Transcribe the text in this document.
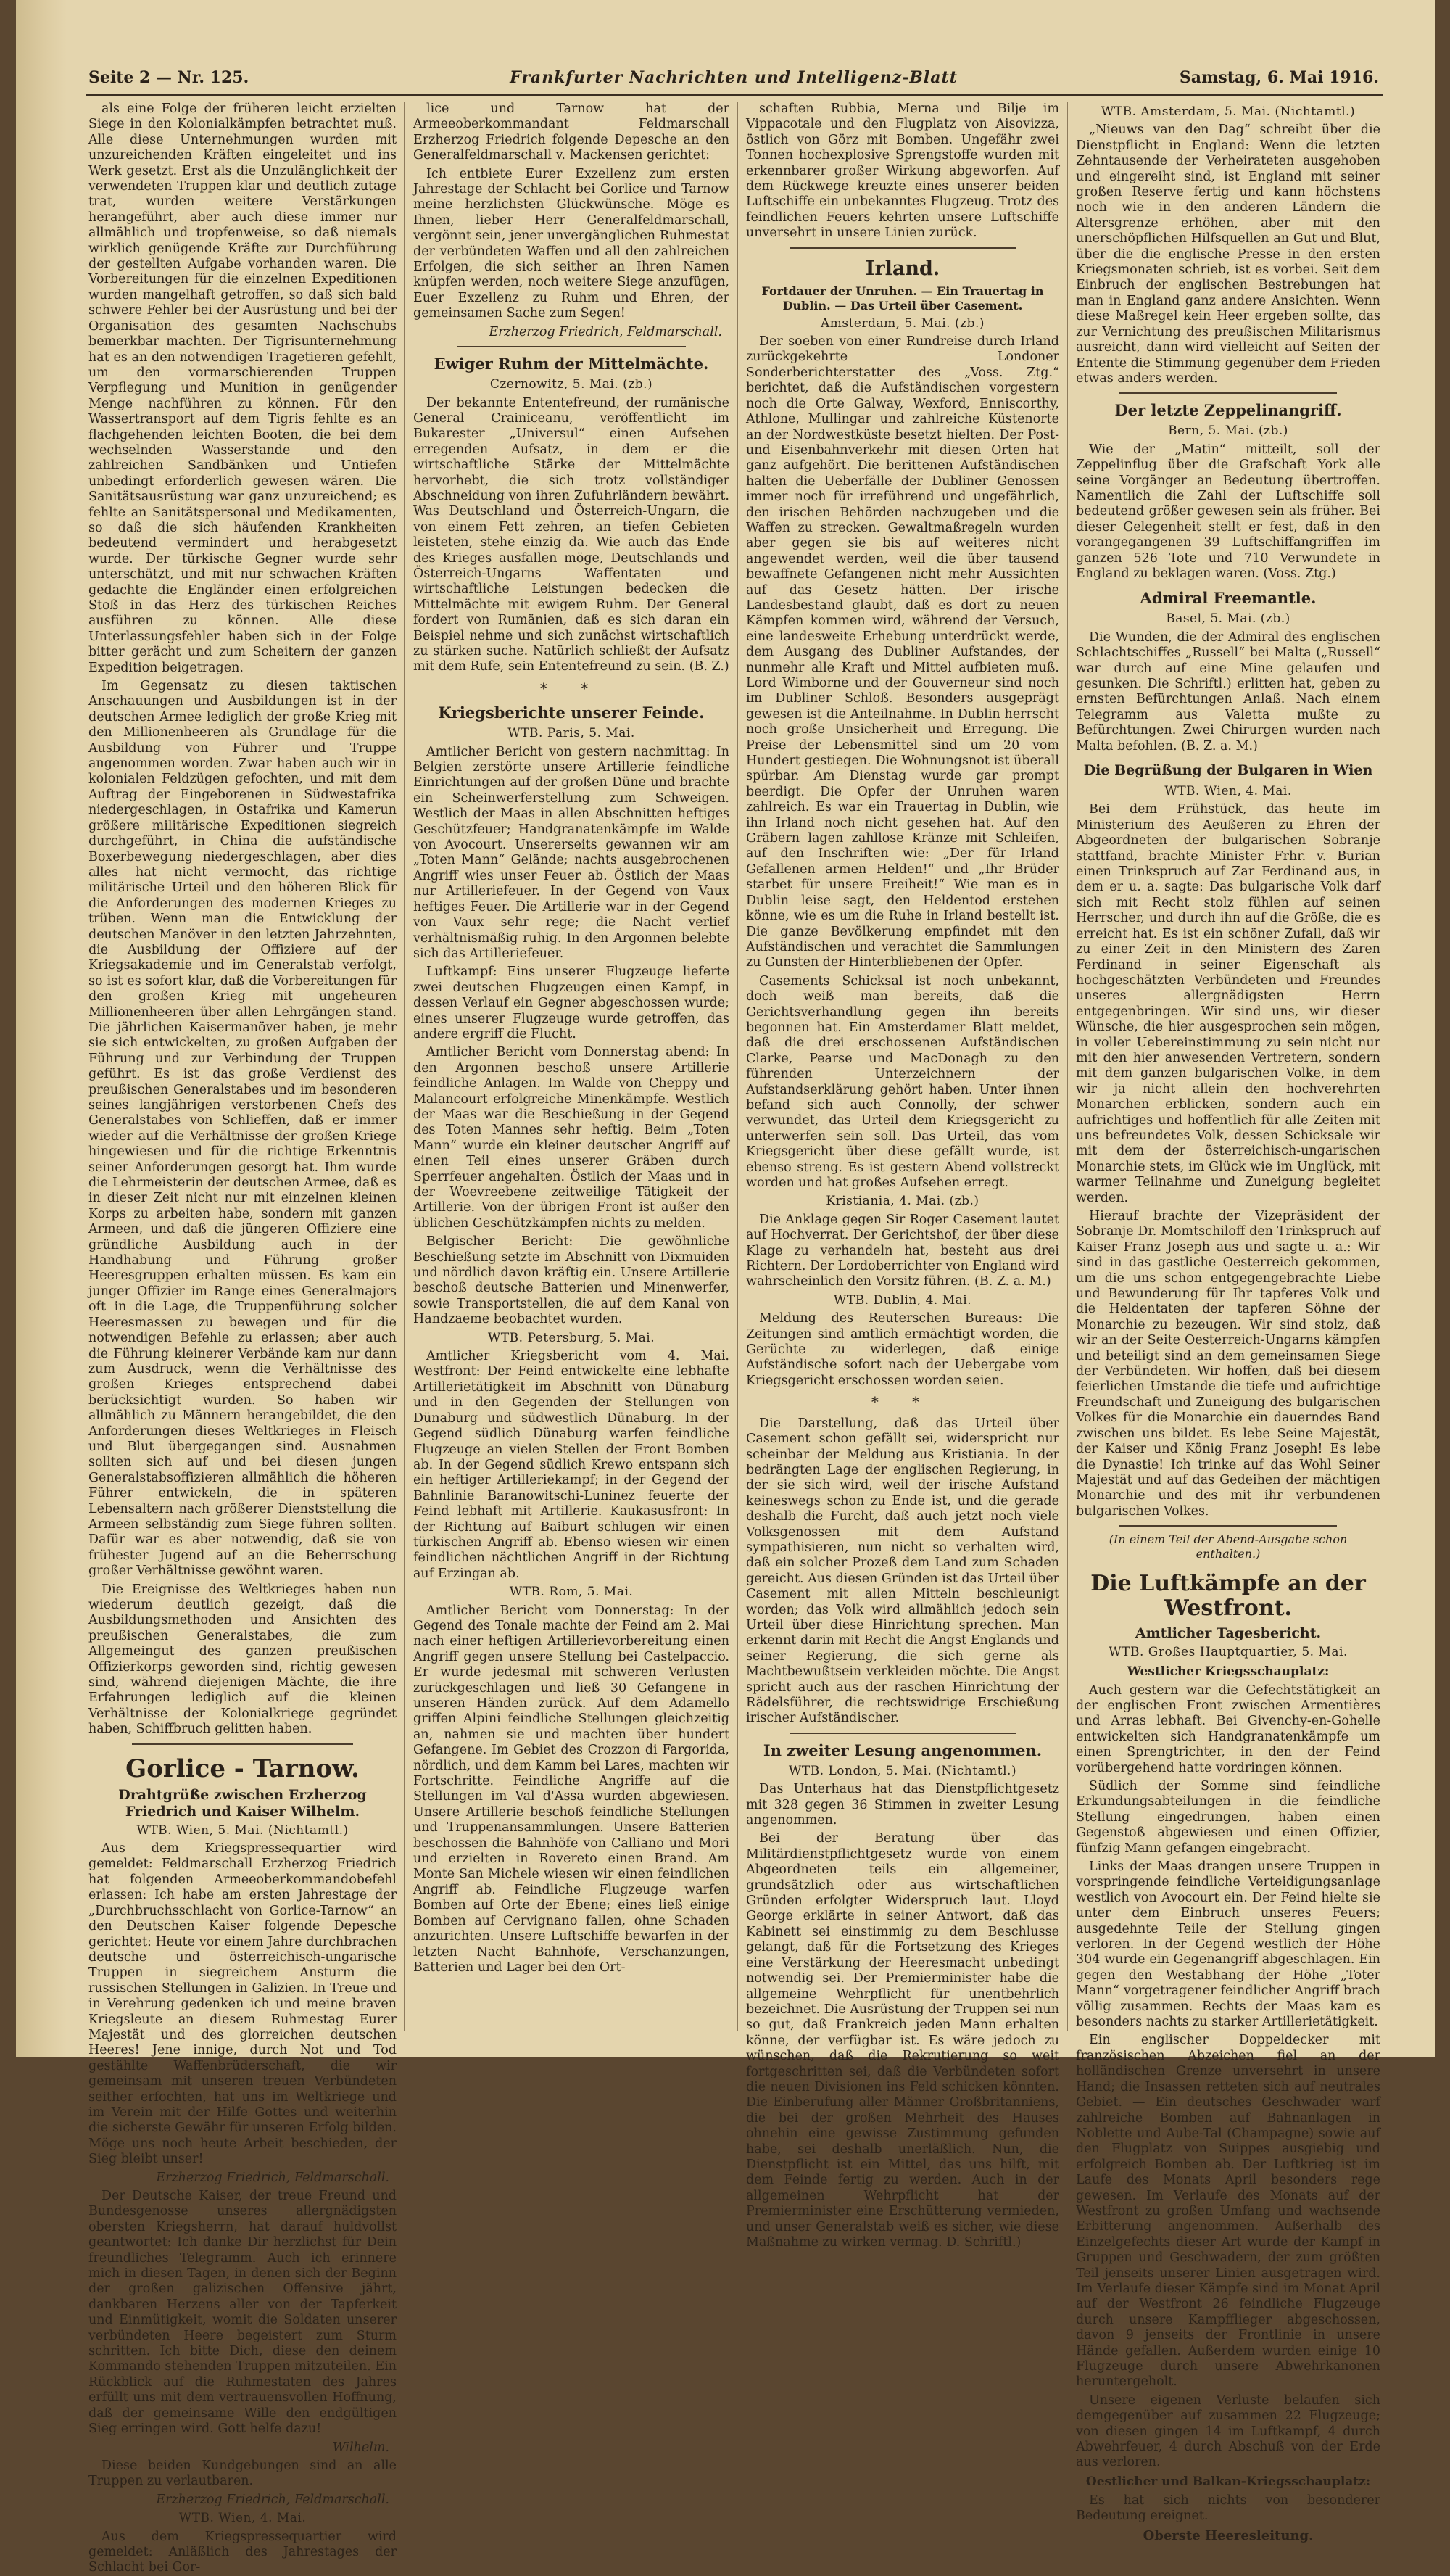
Seite 2 — Nr. 125.	Frankfurter Nachrichten und Intelligenz-Blatt	Samstag, 6. Mai 1916.

als eine Folge der früheren leicht erzielten Siege in den Kolonialkämpfen betrachtet muß. Alle diese Unternehmungen wurden mit unzureichenden Kräften eingeleitet und ins Werk gesetzt. Erst als die Unzulänglichkeit der verwendeten Truppen klar und deutlich zutage trat, wurden weitere Verstärkungen herangeführt, aber auch diese immer nur allmählich und tropfenweise, so daß niemals wirklich genügende Kräfte zur Durchführung der gestellten Aufgabe vorhanden waren. Die Vorbereitungen für die einzelnen Expeditionen wurden mangelhaft getroffen, so daß sich bald schwere Fehler bei der Ausrüstung und bei der Organisation des gesamten Nachschubs bemerkbar machten. Der Tigrisunternehmung hat es an den notwendigen Tragetieren gefehlt, um den vormarschierenden Truppen Verpflegung und Munition in genügender Menge nachführen zu können. Für den Wassertransport auf dem Tigris fehlte es an flachgehenden leichten Booten, die bei dem wechselnden Wasserstande und den zahlreichen Sandbänken und Untiefen unbedingt erforderlich gewesen wären. Die Sanitätsausrüstung war ganz unzureichend; es fehlte an Sanitätspersonal und Medikamenten, so daß die sich häufenden Krankheiten bedeutend vermindert und herabgesetzt wurde. Der türkische Gegner wurde sehr unterschätzt, und mit nur schwachen Kräften gedachte die Engländer einen erfolgreichen Stoß in das Herz des türkischen Reiches ausführen zu können. Alle diese Unterlassungsfehler haben sich in der Folge bitter gerächt und zum Scheitern der ganzen Expedition beigetragen.

Im Gegensatz zu diesen taktischen Anschauungen und Ausbildungen ist in der deutschen Armee lediglich der große Krieg mit den Millionenheeren als Grundlage für die Ausbildung von Führer und Truppe angenommen worden. Zwar haben auch wir in kolonialen Feldzügen gefochten, und mit dem Auftrag der Eingeborenen in Südwestafrika niedergeschlagen, in Ostafrika und Kamerun größere militärische Expeditionen siegreich durchgeführt, in China die aufständische Boxerbewegung niedergeschlagen, aber dies alles hat nicht vermocht, das richtige militärische Urteil und den höheren Blick für die Anforderungen des modernen Krieges zu trüben. Wenn man die Entwicklung der deutschen Manöver in den letzten Jahrzehnten, die Ausbildung der Offiziere auf der Kriegsakademie und im Generalstab verfolgt, so ist es sofort klar, daß die Vorbereitungen für den großen Krieg mit ungeheuren Millionenheeren über allen Lehrgängen stand. Die jährlichen Kaisermanöver haben, je mehr sie sich entwickelten, zu großen Aufgaben der Führung und zur Verbindung der Truppen geführt. Es ist das große Verdienst des preußischen Generalstabes und im besonderen seines langjährigen verstorbenen Chefs des Generalstabes von Schlieffen, daß er immer wieder auf die Verhältnisse der großen Kriege hingewiesen und für die richtige Erkenntnis seiner Anforderungen gesorgt hat. Ihm wurde die Lehrmeisterin der deutschen Armee, daß es in dieser Zeit nicht nur mit einzelnen kleinen Korps zu arbeiten habe, sondern mit ganzen Armeen, und daß die jüngeren Offiziere eine gründliche Ausbildung auch in der Handhabung und Führung großer Heeresgruppen erhalten müssen. Es kam ein junger Offizier im Range eines Generalmajors oft in die Lage, die Truppenführung solcher Heeresmassen zu bewegen und für die notwendigen Befehle zu erlassen; aber auch die Führung kleinerer Verbände kam nur dann zum Ausdruck, wenn die Verhältnisse des großen Krieges entsprechend dabei berücksichtigt wurden. So haben wir allmählich zu Männern herangebildet, die den Anforderungen dieses Weltkrieges in Fleisch und Blut übergegangen sind. Ausnahmen sollten sich auf und bei diesen jungen Generalstabsoffizieren allmählich die höheren Führer entwickeln, die in späteren Lebensaltern nach größerer Dienststellung die Armeen selbständig zum Siege führen sollten. Dafür war es aber notwendig, daß sie von frühester Jugend auf an die Beherrschung großer Verhältnisse gewöhnt waren.

Die Ereignisse des Weltkrieges haben nun wiederum deutlich gezeigt, daß die Ausbildungsmethoden und Ansichten des preußischen Generalstabes, die zum Allgemeingut des ganzen preußischen Offizierkorps geworden sind, richtig gewesen sind, während diejenigen Mächte, die ihre Erfahrungen lediglich auf die kleinen Verhältnisse der Kolonialkriege gegründet haben, Schiffbruch gelitten haben.

Gorlice - Tarnow.
Drahtgrüße zwischen Erzherzog Friedrich und Kaiser Wilhelm.
WTB. Wien, 5. Mai. (Nichtamtl.)

Aus dem Kriegspressequartier wird gemeldet: Feldmarschall Erzherzog Friedrich hat folgenden Armeeoberkommandobefehl erlassen: Ich habe am ersten Jahrestage der „Durchbruchsschlacht von Gorlice-Tarnow“ an den Deutschen Kaiser folgende Depesche gerichtet: Heute vor einem Jahre durchbrachen deutsche und österreichisch-ungarische Truppen in siegreichem Ansturm die russischen Stellungen in Galizien. In Treue und in Verehrung gedenken ich und meine braven Kriegsleute an diesem Ruhmestag Eurer Majestät und des glorreichen deutschen Heeres! Jene innige, durch Not und Tod gestählte Waffenbrüderschaft, die wir gemeinsam mit unseren treuen Verbündeten seither erfochten, hat uns im Weltkriege und im Verein mit der Hilfe Gottes und weiterhin die sicherste Gewähr für unseren Erfolg bilden. Möge uns noch heute Arbeit beschieden, der Sieg bleibt unser!

Erzherzog Friedrich, Feldmarschall.

Der Deutsche Kaiser, der treue Freund und Bundesgenosse unseres allergnädigsten obersten Kriegsherrn, hat darauf huldvollst geantwortet: Ich danke Dir herzlichst für Dein freundliches Telegramm. Auch ich erinnere mich in diesen Tagen, in denen sich der Beginn der großen galizischen Offensive jährt, dankbaren Herzens aller von der Tapferkeit und Einmütigkeit, womit die Soldaten unserer verbündeten Heere begeistert zum Sturm schritten. Ich bitte Dich, diese den deinem Kommando stehenden Truppen mitzuteilen. Ein Rückblick auf die Ruhmestaten des Jahres erfüllt uns mit dem vertrauensvollen Hoffnung, daß der gemeinsame Wille den endgültigen Sieg erringen wird. Gott helfe dazu!

Wilhelm.

Diese beiden Kundgebungen sind an alle Truppen zu verlautbaren.

Erzherzog Friedrich, Feldmarschall.
WTB. Wien, 4. Mai.

Aus dem Kriegspressequartier wird gemeldet: Anläßlich des Jahrestages der Schlacht bei Gor-

lice und Tarnow hat der Armeeoberkommandant Feldmarschall Erzherzog Friedrich folgende Depesche an den Generalfeldmarschall v. Mackensen gerichtet:

Ich entbiete Eurer Exzellenz zum ersten Jahrestage der Schlacht bei Gorlice und Tarnow meine herzlichsten Glückwünsche. Möge es Ihnen, lieber Herr Generalfeldmarschall, vergönnt sein, jener unvergänglichen Ruhmestat der verbündeten Waffen und all den zahlreichen Erfolgen, die sich seither an Ihren Namen knüpfen werden, noch weitere Siege anzufügen, Euer Exzellenz zu Ruhm und Ehren, der gemeinsamen Sache zum Segen!

Erzherzog Friedrich, Feldmarschall.
Ewiger Ruhm der Mittelmächte.
Czernowitz, 5. Mai. (zb.)

Der bekannte Ententefreund, der rumänische General Crainiceanu, veröffentlicht im Bukarester „Universul“ einen Aufsehen erregenden Aufsatz, in dem er die wirtschaftliche Stärke der Mittelmächte hervorhebt, die sich trotz vollständiger Abschneidung von ihren Zufuhrländern bewährt. Was Deutschland und Österreich-Ungarn, die von einem Fett zehren, an tiefen Gebieten leisteten, stehe einzig da. Wie auch das Ende des Krieges ausfallen möge, Deutschlands und Österreich-Ungarns Waffentaten und wirtschaftliche Leistungen bedecken die Mittelmächte mit ewigem Ruhm. Der General fordert von Rumänien, daß es sich daran ein Beispiel nehme und sich zunächst wirtschaftlich zu stärken suche. Natürlich schließt der Aufsatz mit dem Rufe, sein Ententefreund zu sein. (B. Z.)

* *
Kriegsberichte unserer Feinde.
WTB. Paris, 5. Mai.

Amtlicher Bericht von gestern nachmittag: In Belgien zerstörte unsere Artillerie feindliche Einrichtungen auf der großen Düne und brachte ein Scheinwerferstellung zum Schweigen. Westlich der Maas in allen Abschnitten heftiges Geschützfeuer; Handgranatenkämpfe im Walde von Avocourt. Unsererseits gewannen wir am „Toten Mann“ Gelände; nachts ausgebrochenen Angriff wies unser Feuer ab. Östlich der Maas nur Artilleriefeuer. In der Gegend von Vaux heftiges Feuer. Die Artillerie war in der Gegend von Vaux sehr rege; die Nacht verlief verhältnismäßig ruhig. In den Argonnen belebte sich das Artilleriefeuer.

Luftkampf: Eins unserer Flugzeuge lieferte zwei deutschen Flugzeugen einen Kampf, in dessen Verlauf ein Gegner abgeschossen wurde; eines unserer Flugzeuge wurde getroffen, das andere ergriff die Flucht.

Amtlicher Bericht vom Donnerstag abend: In den Argonnen beschoß unsere Artillerie feindliche Anlagen. Im Walde von Cheppy und Malancourt erfolgreiche Minenkämpfe. Westlich der Maas war die Beschießung in der Gegend des Toten Mannes sehr heftig. Beim „Toten Mann“ wurde ein kleiner deutscher Angriff auf einen Teil eines unserer Gräben durch Sperrfeuer angehalten. Östlich der Maas und in der Woevreebene zeitweilige Tätigkeit der Artillerie. Von der übrigen Front ist außer den üblichen Geschützkämpfen nichts zu melden.

Belgischer Bericht: Die gewöhnliche Beschießung setzte im Abschnitt von Dixmuiden und nördlich davon kräftig ein. Unsere Artillerie beschoß deutsche Batterien und Minenwerfer, sowie Transportstellen, die auf dem Kanal von Handzaeme beobachtet wurden.

WTB. Petersburg, 5. Mai.

Amtlicher Kriegsbericht vom 4. Mai. Westfront: Der Feind entwickelte eine lebhafte Artillerietätigkeit im Abschnitt von Dünaburg und in den Gegenden der Stellungen von Dünaburg und südwestlich Dünaburg. In der Gegend südlich Dünaburg warfen feindliche Flugzeuge an vielen Stellen der Front Bomben ab. In der Gegend südlich Krewo entspann sich ein heftiger Artilleriekampf; in der Gegend der Bahnlinie Baranowitschi-Luninez feuerte der Feind lebhaft mit Artillerie. Kaukasusfront: In der Richtung auf Baiburt schlugen wir einen türkischen Angriff ab. Ebenso wiesen wir einen feindlichen nächtlichen Angriff in der Richtung auf Erzingan ab.

WTB. Rom, 5. Mai.

Amtlicher Bericht vom Donnerstag: In der Gegend des Tonale machte der Feind am 2. Mai nach einer heftigen Artillerievorbereitung einen Angriff gegen unsere Stellung bei Castelpaccio. Er wurde jedesmal mit schweren Verlusten zurückgeschlagen und ließ 30 Gefangene in unseren Händen zurück. Auf dem Adamello griffen Alpini feindliche Stellungen gleichzeitig an, nahmen sie und machten über hundert Gefangene. Im Gebiet des Crozzon di Fargorida, nördlich, und dem Kamm bei Lares, machten wir Fortschritte. Feindliche Angriffe auf die Stellungen im Val d'Assa wurden abgewiesen. Unsere Artillerie beschoß feindliche Stellungen und Truppenansammlungen. Unsere Batterien beschossen die Bahnhöfe von Calliano und Mori und erzielten in Rovereto einen Brand. Am Monte San Michele wiesen wir einen feindlichen Angriff ab. Feindliche Flugzeuge warfen Bomben auf Orte der Ebene; eines ließ einige Bomben auf Cervignano fallen, ohne Schaden anzurichten. Unsere Luftschiffe bewarfen in der letzten Nacht Bahnhöfe, Verschanzungen, Batterien und Lager bei den Ort-

schaften Rubbia, Merna und Bilje im Vippacotale und den Flugplatz von Aisovizza, östlich von Görz mit Bomben. Ungefähr zwei Tonnen hochexplosive Sprengstoffe wurden mit erkennbarer großer Wirkung abgeworfen. Auf dem Rückwege kreuzte eines unserer beiden Luftschiffe ein unbekanntes Flugzeug. Trotz des feindlichen Feuers kehrten unsere Luftschiffe unversehrt in unsere Linien zurück.

Irland.
Fortdauer der Unruhen. — Ein Trauertag in Dublin. — Das Urteil über Casement.
Amsterdam, 5. Mai. (zb.)

Der soeben von einer Rundreise durch Irland zurückgekehrte Londoner Sonderberichterstatter des „Voss. Ztg.“ berichtet, daß die Aufständischen vorgestern noch die Orte Galway, Wexford, Enniscorthy, Athlone, Mullingar und zahlreiche Küstenorte an der Nordwestküste besetzt hielten. Der Post- und Eisenbahnverkehr mit diesen Orten hat ganz aufgehört. Die berittenen Aufständischen halten die Ueberfälle der Dubliner Genossen immer noch für irreführend und ungefährlich, den irischen Behörden nachzugeben und die Waffen zu strecken. Gewaltmaßregeln wurden aber gegen sie bis auf weiteres nicht angewendet werden, weil die über tausend bewaffnete Gefangenen nicht mehr Aussichten auf das Gesetz hätten. Der irische Landesbestand glaubt, daß es dort zu neuen Kämpfen kommen wird, während der Versuch, eine landesweite Erhebung unterdrückt werde, dem Ausgang des Dubliner Aufstandes, der nunmehr alle Kraft und Mittel aufbieten muß. Lord Wimborne und der Gouverneur sind noch im Dubliner Schloß. Besonders ausgeprägt gewesen ist die Anteilnahme. In Dublin herrscht noch große Unsicherheit und Erregung. Die Preise der Lebensmittel sind um 20 vom Hundert gestiegen. Die Wohnungsnot ist überall spürbar. Am Dienstag wurde gar prompt beerdigt. Die Opfer der Unruhen waren zahlreich. Es war ein Trauertag in Dublin, wie ihn Irland noch nicht gesehen hat. Auf den Gräbern lagen zahllose Kränze mit Schleifen, auf den Inschriften wie: „Der für Irland Gefallenen armen Helden!“ und „Ihr Brüder starbet für unsere Freiheit!“ Wie man es in Dublin leise sagt, den Heldentod erstehen könne, wie es um die Ruhe in Irland bestellt ist. Die ganze Bevölkerung empfindet mit den Aufständischen und verachtet die Sammlungen zu Gunsten der Hinterbliebenen der Opfer.

Casements Schicksal ist noch unbekannt, doch weiß man bereits, daß die Gerichtsverhandlung gegen ihn bereits begonnen hat. Ein Amsterdamer Blatt meldet, daß die drei erschossenen Aufständischen Clarke, Pearse und MacDonagh zu den führenden Unterzeichnern der Aufstandserklärung gehört haben. Unter ihnen befand sich auch Connolly, der schwer verwundet, das Urteil dem Kriegsgericht zu unterwerfen sein soll. Das Urteil, das vom Kriegsgericht über diese gefällt wurde, ist ebenso streng. Es ist gestern Abend vollstreckt worden und hat großes Aufsehen erregt.

Kristiania, 4. Mai. (zb.)

Die Anklage gegen Sir Roger Casement lautet auf Hochverrat. Der Gerichtshof, der über diese Klage zu verhandeln hat, besteht aus drei Richtern. Der Lordoberrichter von England wird wahrscheinlich den Vorsitz führen. (B. Z. a. M.)

WTB. Dublin, 4. Mai.

Meldung des Reuterschen Bureaus: Die Zeitungen sind amtlich ermächtigt worden, die Gerüchte zu widerlegen, daß einige Aufständische sofort nach der Uebergabe vom Kriegsgericht erschossen worden seien.

* *

Die Darstellung, daß das Urteil über Casement schon gefällt sei, widerspricht nur scheinbar der Meldung aus Kristiania. In der bedrängten Lage der englischen Regierung, in der sie sich wird, weil der irische Aufstand keineswegs schon zu Ende ist, und die gerade deshalb die Furcht, daß auch jetzt noch viele Volksgenossen mit dem Aufstand sympathisieren, nun nicht so verhalten wird, daß ein solcher Prozeß dem Land zum Schaden gereicht. Aus diesen Gründen ist das Urteil über Casement mit allen Mitteln beschleunigt worden; das Volk wird allmählich jedoch sein Urteil über diese Hinrichtung sprechen. Man erkennt darin mit Recht die Angst Englands und seiner Regierung, die sich gerne als Machtbewußtsein verkleiden möchte. Die Angst spricht auch aus der raschen Hinrichtung der Rädelsführer, die rechtswidrige Erschießung irischer Aufständischer.

In zweiter Lesung angenommen.
WTB. London, 5. Mai. (Nichtamtl.)

Das Unterhaus hat das Dienstpflichtgesetz mit 328 gegen 36 Stimmen in zweiter Lesung angenommen.

Bei der Beratung über das Militärdienstpflichtgesetz wurde von einem Abgeordneten teils ein allgemeiner, grundsätzlich oder aus wirtschaftlichen Gründen erfolgter Widerspruch laut. Lloyd George erklärte in seiner Antwort, daß das Kabinett sei einstimmig zu dem Beschlusse gelangt, daß für die Fortsetzung des Krieges eine Verstärkung der Heeresmacht unbedingt notwendig sei. Der Premierminister habe die allgemeine Wehrpflicht für unentbehrlich bezeichnet. Die Ausrüstung der Truppen sei nun so gut, daß Frankreich jeden Mann erhalten könne, der verfügbar ist. Es wäre jedoch zu wünschen, daß die Rekrutierung so weit fortgeschritten sei, daß die Verbündeten sofort die neuen Divisionen ins Feld schicken könnten. Die Einberufung aller Männer Großbritanniens, die bei der großen Mehrheit des Hauses ohnehin eine gewisse Zustimmung gefunden habe, sei deshalb unerläßlich. Nun, die Dienstpflicht ist ein Mittel, das uns hilft, mit dem Feinde fertig zu werden. Auch in der allgemeinen Wehrpflicht hat der Premierminister eine Erschütterung vermieden, und unser Generalstab weiß es sicher, wie diese Maßnahme zu wirken vermag. D. Schriftl.)

WTB. Amsterdam, 5. Mai. (Nichtamtl.)

„Nieuws van den Dag“ schreibt über die Dienstpflicht in England: Wenn die letzten Zehntausende der Verheirateten ausgehoben und eingereiht sind, ist England mit seiner großen Reserve fertig und kann höchstens noch wie in den anderen Ländern die Altersgrenze erhöhen, aber mit den unerschöpflichen Hilfsquellen an Gut und Blut, über die die englische Presse in den ersten Kriegsmonaten schrieb, ist es vorbei. Seit dem Einbruch der englischen Bestrebungen hat man in England ganz andere Ansichten. Wenn diese Maßregel kein Heer ergeben sollte, das zur Vernichtung des preußischen Militarismus ausreicht, dann wird vielleicht auf Seiten der Entente die Stimmung gegenüber dem Frieden etwas anders werden.

Der letzte Zeppelinangriff.
Bern, 5. Mai. (zb.)

Wie der „Matin“ mitteilt, soll der Zeppelinflug über die Grafschaft York alle seine Vorgänger an Bedeutung übertroffen. Namentlich die Zahl der Luftschiffe soll bedeutend größer gewesen sein als früher. Bei dieser Gelegenheit stellt er fest, daß in den vorangegangenen 39 Luftschiffangriffen im ganzen 526 Tote und 710 Verwundete in England zu beklagen waren. (Voss. Ztg.)

Admiral Freemantle.
Basel, 5. Mai. (zb.)

Die Wunden, die der Admiral des englischen Schlachtschiffes „Russell“ bei Malta („Russell“ war durch auf eine Mine gelaufen und gesunken. Die Schriftl.) erlitten hat, geben zu ernsten Befürchtungen Anlaß. Nach einem Telegramm aus Valetta mußte zu Befürchtungen. Zwei Chirurgen wurden nach Malta befohlen. (B. Z. a. M.)

Die Begrüßung der Bulgaren in Wien
WTB. Wien, 4. Mai.

Bei dem Frühstück, das heute im Ministerium des Aeußeren zu Ehren der Abgeordneten der bulgarischen Sobranje stattfand, brachte Minister Frhr. v. Burian einen Trinkspruch auf Zar Ferdinand aus, in dem er u. a. sagte: Das bulgarische Volk darf sich mit Recht stolz fühlen auf seinen Herrscher, und durch ihn auf die Größe, die es erreicht hat. Es ist ein schöner Zufall, daß wir zu einer Zeit in den Ministern des Zaren Ferdinand in seiner Eigenschaft als hochgeschätzten Verbündeten und Freundes unseres allergnädigsten Herrn entgegenbringen. Wir sind uns, wir dieser Wünsche, die hier ausgesprochen sein mögen, in voller Uebereinstimmung zu sein nicht nur mit den hier anwesenden Vertretern, sondern mit dem ganzen bulgarischen Volke, in dem wir ja nicht allein den hochverehrten Monarchen erblicken, sondern auch ein aufrichtiges und hoffentlich für alle Zeiten mit uns befreundetes Volk, dessen Schicksale wir mit dem der österreichisch-ungarischen Monarchie stets, im Glück wie im Unglück, mit warmer Teilnahme und Zuneigung begleitet werden.

Hierauf brachte der Vizepräsident der Sobranje Dr. Momtschiloff den Trinkspruch auf Kaiser Franz Joseph aus und sagte u. a.: Wir sind in das gastliche Oesterreich gekommen, um die uns schon entgegengebrachte Liebe und Bewunderung für Ihr tapferes Volk und die Heldentaten der tapferen Söhne der Monarchie zu bezeugen. Wir sind stolz, daß wir an der Seite Oesterreich-Ungarns kämpfen und beteiligt sind an dem gemeinsamen Siege der Verbündeten. Wir hoffen, daß bei diesem feierlichen Umstande die tiefe und aufrichtige Freundschaft und Zuneigung des bulgarischen Volkes für die Monarchie ein dauerndes Band zwischen uns bildet. Es lebe Seine Majestät, der Kaiser und König Franz Joseph! Es lebe die Dynastie! Ich trinke auf das Wohl Seiner Majestät und auf das Gedeihen der mächtigen Monarchie und des mit ihr verbundenen bulgarischen Volkes.

(In einem Teil der Abend-Ausgabe schon enthalten.)
Die Luftkämpfe an der Westfront.
Amtlicher Tagesbericht.
WTB. Großes Hauptquartier, 5. Mai.
Westlicher Kriegsschauplatz:

Auch gestern war die Gefechtstätigkeit an der englischen Front zwischen Armentières und Arras lebhaft. Bei Givenchy-en-Gohelle entwickelten sich Handgranatenkämpfe um einen Sprengtrichter, in den der Feind vorübergehend hatte vordringen können.

Südlich der Somme sind feindliche Erkundungsabteilungen in die feindliche Stellung eingedrungen, haben einen Gegenstoß abgewiesen und einen Offizier, fünfzig Mann gefangen eingebracht.

Links der Maas drangen unsere Truppen in vorspringende feindliche Verteidigungsanlage westlich von Avocourt ein. Der Feind hielte sie unter dem Einbruch unseres Feuers; ausgedehnte Teile der Stellung gingen verloren. In der Gegend westlich der Höhe 304 wurde ein Gegenangriff abgeschlagen. Ein gegen den Westabhang der Höhe „Toter Mann“ vorgetragener feindlicher Angriff brach völlig zusammen. Rechts der Maas kam es besonders nachts zu starker Artillerietätigkeit.

Ein englischer Doppeldecker mit französischen Abzeichen fiel an der holländischen Grenze unversehrt in unsere Hand; die Insassen retteten sich auf neutrales Gebiet. — Ein deutsches Geschwader warf zahlreiche Bomben auf Bahnanlagen in Noblette und Aube-Tal (Champagne) sowie auf den Flugplatz von Suippes ausgiebig und erfolgreich Bomben ab. Der Luftkrieg ist im Laufe des Monats April besonders rege gewesen. Im Verlaufe des Monats auf der Westfront zu großen Umfang und wachsende Erbitterung angenommen. Außerhalb des Einzelgefechts dieser Art wurde der Kampf in Gruppen und Geschwadern, der zum größten Teil jenseits unserer Linien ausgetragen wird. Im Verlaufe dieser Kämpfe sind im Monat April auf der Westfront 26 feindliche Flugzeuge durch unsere Kampfflieger abgeschossen, davon 9 jenseits der Frontlinie in unsere Hände gefallen. Außerdem wurden einige 10 Flugzeuge durch unsere Abwehrkanonen heruntergeholt.

Unsere eigenen Verluste belaufen sich demgegenüber auf zusammen 22 Flugzeuge; von diesen gingen 14 im Luftkampf, 4 durch Abwehrfeuer, 4 durch Abschuß von der Erde aus verloren.

Oestlicher und Balkan-Kriegsschauplatz:

Es hat sich nichts von besonderer Bedeutung ereignet.

Oberste Heeresleitung.
